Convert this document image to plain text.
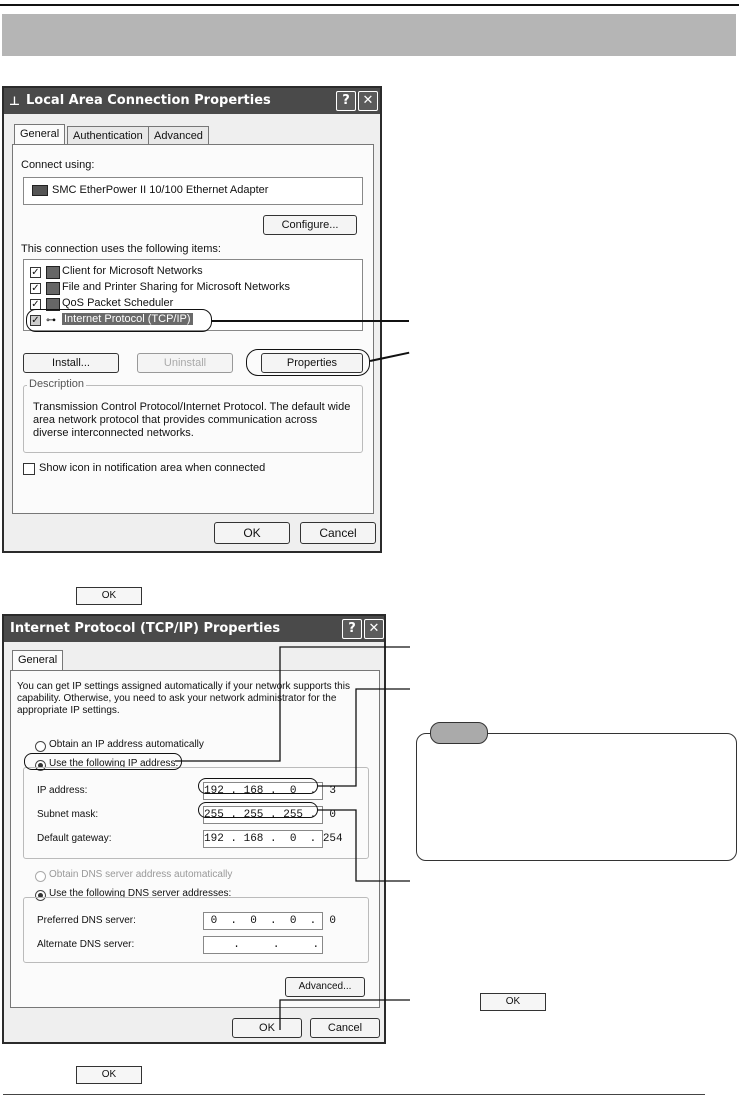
⊥ Local Area Connection Properties	? ✕
General	Authentication	Advanced
Connect using:
SMC EtherPower II 10/100 Ethernet Adapter
Configure...
This connection uses the following items:
✓ Client for Microsoft Networks
✓ File and Printer Sharing for Microsoft Networks
✓ QoS Packet Scheduler
✓ ⊶ Internet Protocol (TCP/IP)
Install...	Uninstall	Properties
Description
Transmission Control Protocol/Internet Protocol. The default wide area network protocol that provides communication across diverse interconnected networks.
Show icon in notification area when connected
OK	Cancel
OK
Internet Protocol (TCP/IP) Properties	? ✕
General
You can get IP settings assigned automatically if your network supports this capability. Otherwise, you need to ask your network administrator for the appropriate IP settings.
Obtain an IP address automatically
Use the following IP address:
IP address:	192 . 168 .  0  .  3
Subnet mask:	255 . 255 . 255 .  0
Default gateway:	192 . 168 .  0  . 254
Obtain DNS server address automatically
Use the following DNS server addresses:
Preferred DNS server:	0  .  0  .  0  .  0
Alternate DNS server:	.     .     .
Advanced...
OK	Cancel
OK
OK
